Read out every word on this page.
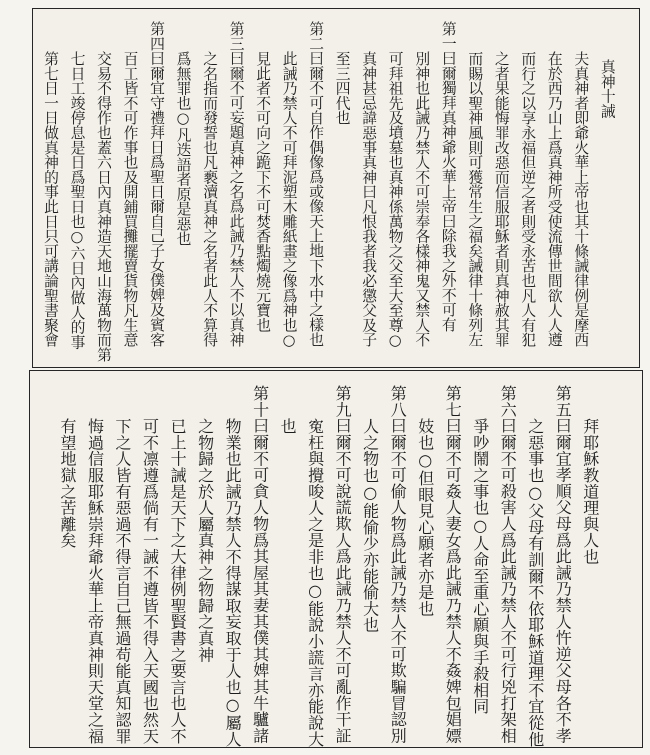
真神十誡
夫真神者即爺火華上帝也其十條誡律例是摩西
在於西乃山上爲真神所受使流傳世間欲人人遵
而行之以享永福但逆之者則受永苦也凡人有犯
之者果能悔罪改惡而信服耶穌者則真神赦其罪
而賜以聖神風則可獲常生之福矣誡律十條列左
第一曰爾獨拜真神爺火華上帝曰除我之外不可有
別神也此誡乃禁人不可崇奉各樣神鬼又禁人不
可拜祖先及墳墓也真神係萬物之父至大至尊○
真神甚忌諱惡事真神曰凡恨我者我必懲父及子
至三四代也
第二曰爾不可自作偶像爲或像天上地下水中之樣也
此誡乃禁人不可拜泥塑木雕紙畫之像爲神也○
見此者不可向之跪下不可焚香點燭燒元寶也
第三曰爾不可妄題真神之名爲此誡乃禁人不以真神
之名指而發誓也凡褻瀆真神之名者此人不算得
爲無罪也○凡迭語者原是惡也
第四曰爾宜守禮拜日爲聖日爾自己子女僕婢及賓客
百工皆不可作事也及開鋪買攤擺賣貨物凡生意
交易不得作也蓋六日內真神造天地山海萬物而第
七日工竣停息是日爲聖日也○六日內做人的事
第七日一日做真神的事此日只可講論聖書聚會
拜耶穌教道理與人也
第五曰爾宜孝順父母爲此誡乃禁人忤逆父母各不孝
之惡事也○父母有訓爾不依耶穌道理不宜從他
第六曰爾不可殺害人爲此誡乃禁人不可行兇打架相
爭吵鬧之事也○人命至重心願與手殺相同
第七曰爾不可姦人妻女爲此誡乃禁人不姦婢包娼嫖
妓也○但眼見心願者亦是也
第八曰爾不可偷人物爲此誡乃禁人不可欺騙冒認別
人之物也○能偷少亦能偷大也
第九曰爾不可說謊欺人爲此誡乃禁人不可亂作干証
寃枉與攪唆人之是非也○能說小謊言亦能說大
也
第十曰爾不可貪人物爲其屋其妻其僕其婢其牛驢諸
物業也此誡乃禁人不得謀取妄取于人也○屬人
之物歸之於人屬真神之物歸之真神
已上十誡是天下之大律例聖賢書之要言也人不
可不凛遵爲倘有一誡不遵皆不得入天國也然天
下之人皆有惡過不得言自己無過苟能真知認罪
悔過信服耶穌崇拜爺火華上帝真神則天堂之福
有望地獄之苦離矣
